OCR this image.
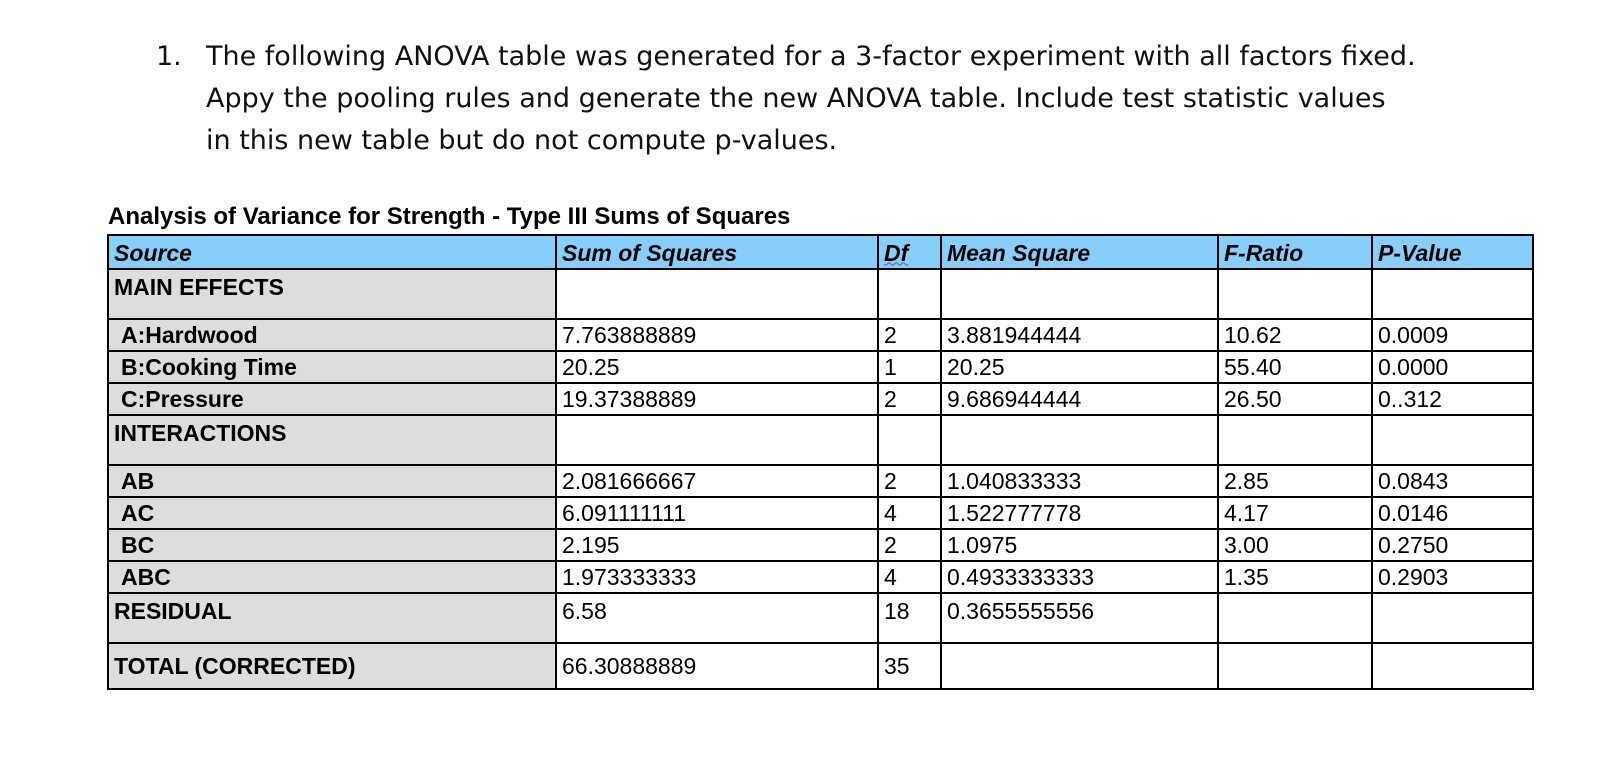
1. The following ANOVA table was generated for a 3-factor experiment with all factors fixed. Appy the pooling rules and generate the new ANOVA table. Include test statistic values in this new table but do not compute p-values.
Analysis of Variance for Strength - Type III Sums of Squares
Source	Sum of Squares	Df	Mean Square	F-Ratio	P-Value
MAIN EFFECTS					
A:Hardwood	7.763888889	2	3.881944444	10.62	0.0009
B:Cooking Time	20.25	1	20.25	55.40	0.0000
C:Pressure	19.37388889	2	9.686944444	26.50	0..312
INTERACTIONS					
AB	2.081666667	2	1.040833333	2.85	0.0843
AC	6.091111111	4	1.522777778	4.17	0.0146
BC	2.195	2	1.0975	3.00	0.2750
ABC	1.973333333	4	0.4933333333	1.35	0.2903
RESIDUAL	6.58	18	0.3655555556		
TOTAL (CORRECTED)	66.30888889	35			
